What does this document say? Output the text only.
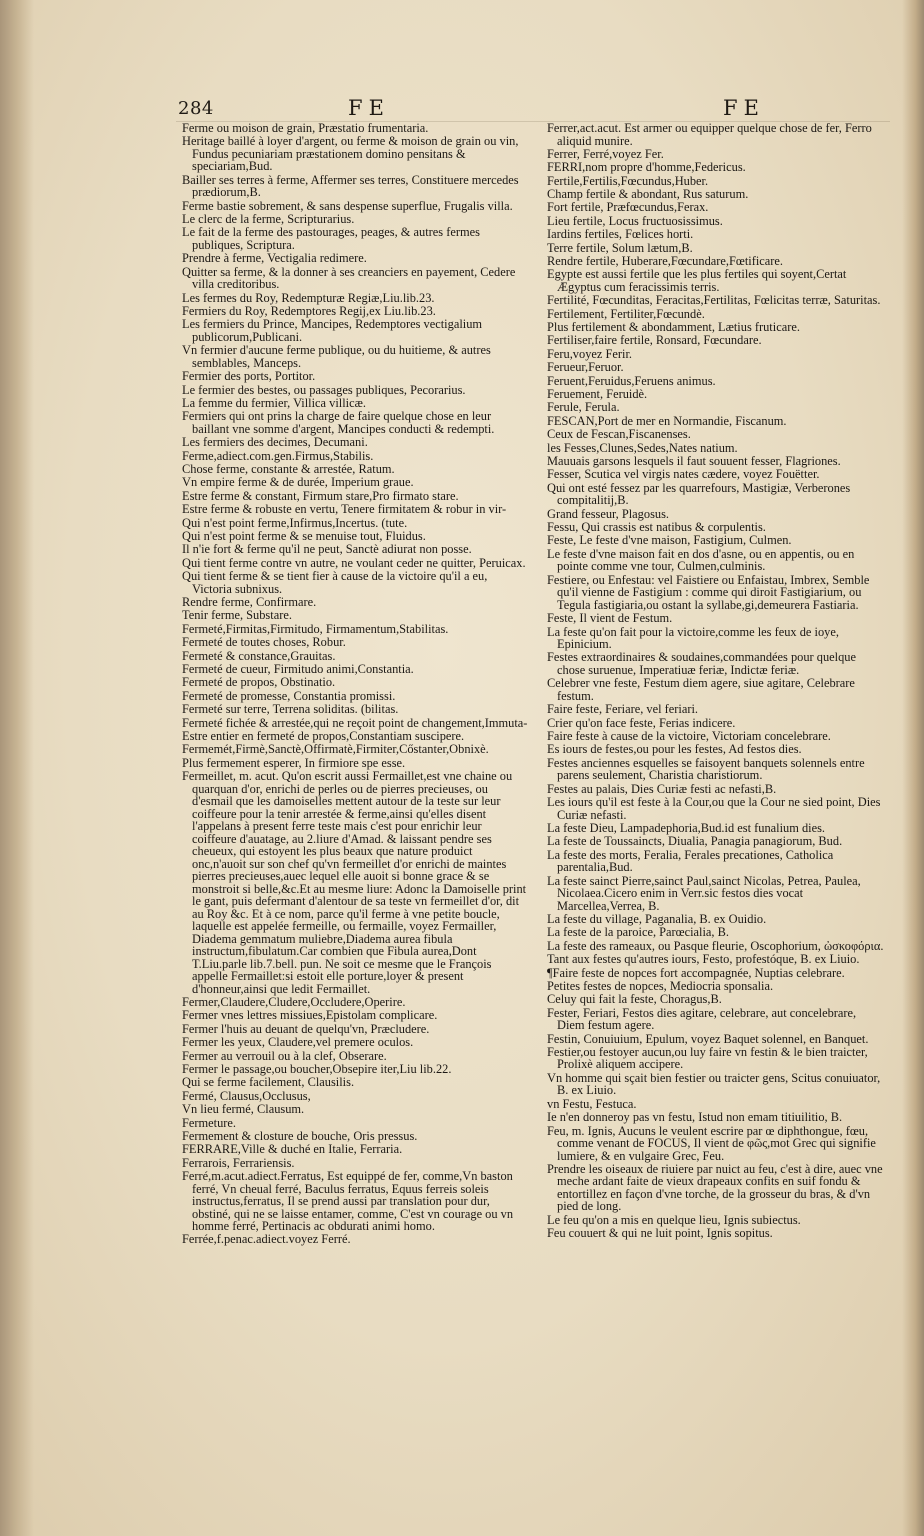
284	FE	FE
Ferme ou moison de grain, Præstatio frumentaria.
Heritage baillé à loyer d'argent, ou ferme & moison de grain ou vin, Fundus pecuniariam præstationem domino pensitans & speciariam,Bud.
Bailler ses terres à ferme, Affermer ses terres, Constituere mercedes prædiorum,B.
Ferme bastie sobrement, & sans despense superflue, Frugalis villa.
Le clerc de la ferme, Scripturarius.
Le fait de la ferme des pastourages, peages, & autres fermes publiques, Scriptura.
Prendre à ferme, Vectigalia redimere.
Quitter sa ferme, & la donner à ses creanciers en payement, Cedere villa creditoribus.
Les fermes du Roy, Redempturæ Regiæ,Liu.lib.23.
Fermiers du Roy, Redemptores Regij,ex Liu.lib.23.
Les fermiers du Prince, Mancipes, Redemptores vectigalium publicorum,Publicani.
Vn fermier d'aucune ferme publique, ou du huitieme, & autres semblables, Manceps.
Fermier des ports, Portitor.
Le fermier des bestes, ou passages publiques, Pecorarius.
La femme du fermier, Villica villicæ.
Fermiers qui ont prins la charge de faire quelque chose en leur baillant vne somme d'argent, Mancipes conducti & redempti.
Les fermiers des decimes, Decumani.
Ferme,adiect.com.gen.Firmus,Stabilis.
Chose ferme, constante & arrestée, Ratum.
Vn empire ferme & de durée, Imperium graue.
Estre ferme & constant, Firmum stare,Pro firmato stare.
Estre ferme & robuste en vertu, Tenere firmitatem & robur in vir-
Qui n'est point ferme,Infirmus,Incertus. (tute.
Qui n'est point ferme & se menuise tout, Fluidus.
Il n'ie fort & ferme qu'il ne peut, Sanctè adiurat non posse.
Qui tient ferme contre vn autre, ne voulant ceder ne quitter, Peruicax.
Qui tient ferme & se tient fier à cause de la victoire qu'il a eu, Victoria subnixus.
Rendre ferme, Confirmare.
Tenir ferme, Substare.
Fermeté,Firmitas,Firmitudo, Firmamentum,Stabilitas.
Fermeté de toutes choses, Robur.
Fermeté & constance,Grauitas.
Fermeté de cueur, Firmitudo animi,Constantia.
Fermeté de propos, Obstinatio.
Fermeté de promesse, Constantia promissi.
Fermeté sur terre, Terrena soliditas. (bilitas.
Fermeté fichée & arrestée,qui ne reçoit point de changement,Immuta-
Estre entier en fermeté de propos,Constantiam suscipere.
Fermemét,Firmè,Sanctè,Offirmatè,Firmiter,Cőstanter,Obnixè.
Plus fermement esperer, In firmiore spe esse.
Fermeillet, m. acut. Qu'on escrit aussi Fermaillet,est vne chaine ou quarquan d'or, enrichi de perles ou de pierres precieuses, ou d'esmail que les damoiselles mettent autour de la teste sur leur coiffeure pour la tenir arrestée & ferme,ainsi qu'elles disent l'appelans à present ferre teste mais c'est pour enrichir leur coiffeure d'auatage, au 2.liure d'Amad. & laissant pendre ses cheueux, qui estoyent les plus beaux que nature produict onc,n'auoit sur son chef qu'vn fermeillet d'or enrichi de maintes pierres precieuses,auec lequel elle auoit si bonne grace & se monstroit si belle,&c.Et au mesme liure: Adonc la Damoiselle print le gant, puis defermant d'alentour de sa teste vn fermeillet d'or, dit au Roy &c. Et à ce nom, parce qu'il ferme à vne petite boucle, laquelle est appelée fermeille, ou fermaille, voyez Fermailler, Diadema gemmatum muliebre,Diadema aurea fibula instructum,fibulatum.Car combien que Fibula aurea,Dont T.Liu.parle lib.7.bell. pun. Ne soit ce mesme que le François appelle Fermaillet:si estoit elle porture,loyer & present d'honneur,ainsi que ledit Fermaillet.
Fermer,Claudere,Cludere,Occludere,Operire.
Fermer vnes lettres missiues,Epistolam complicare.
Fermer l'huis au deuant de quelqu'vn, Præcludere.
Fermer les yeux, Claudere,vel premere oculos.
Fermer au verrouil ou à la clef, Obserare.
Fermer le passage,ou boucher,Obsepire iter,Liu lib.22.
Qui se ferme facilement, Clausilis.
Fermé, Clausus,Occlusus,
Vn lieu fermé, Clausum.
Fermeture.
Fermement & closture de bouche, Oris pressus.
FERRARE,Ville & duché en Italie, Ferraria.
Ferrarois, Ferrariensis.
Ferré,m.acut.adiect.Ferratus, Est equippé de fer, comme,Vn baston ferré, Vn cheual ferré, Baculus ferratus, Equus ferreis soleis instructus,ferratus, Il se prend aussi par translation pour dur, obstiné, qui ne se laisse entamer, comme, C'est vn courage ou vn homme ferré, Pertinacis ac obdurati animi homo.
Ferrée,f.penac.adiect.voyez Ferré.
Ferrer,act.acut. Est armer ou equipper quelque chose de fer, Ferro aliquid munire.
Ferrer, Ferré,voyez Fer.
FERRI,nom propre d'homme,Federicus.
Fertile,Fertilis,Fœcundus,Huber.
Champ fertile & abondant, Rus saturum.
Fort fertile, Præfœcundus,Ferax.
Lieu fertile, Locus fructuosissimus.
Iardins fertiles, Fœlices horti.
Terre fertile, Solum lætum,B.
Rendre fertile, Huberare,Fœcundare,Fœtificare.
Egypte est aussi fertile que les plus fertiles qui soyent,Certat Ægyptus cum feracissimis terris.
Fertilité, Fœcunditas, Feracitas,Fertilitas, Fœlicitas terræ, Saturitas.
Fertilement, Fertiliter,Fœcundè.
Plus fertilement & abondamment, Lætius fruticare.
Fertiliser,faire fertile, Ronsard, Fœcundare.
Feru,voyez Ferir.
Ferueur,Feruor.
Feruent,Feruidus,Feruens animus.
Feruement, Feruidè.
Ferule, Ferula.
FESCAN,Port de mer en Normandie, Fiscanum.
Ceux de Fescan,Fiscanenses.
les Fesses,Clunes,Sedes,Nates natium.
Mauuais garsons lesquels il faut souuent fesser, Flagriones.
Fesser, Scutica vel virgis nates cædere, voyez Fouëtter.
Qui ont esté fessez par les quarrefours, Mastigiæ, Verberones compitalitij,B.
Grand fesseur, Plagosus.
Fessu, Qui crassis est natibus & corpulentis.
Feste, Le feste d'vne maison, Fastigium, Culmen.
Le feste d'vne maison fait en dos d'asne, ou en appentis, ou en pointe comme vne tour, Culmen,culminis.
Festiere, ou Enfestau: vel Faistiere ou Enfaistau, Imbrex, Semble qu'il vienne de Fastigium : comme qui diroit Fastigiarium, ou Tegula fastigiaria,ou ostant la syllabe,gi,demeurera Fastiaria.
Feste, Il vient de Festum.
La feste qu'on fait pour la victoire,comme les feux de ioye, Epinicium.
Festes extraordinaires & soudaines,commandées pour quelque chose suruenue, Imperatiuæ feriæ, Indictæ feriæ.
Celebrer vne feste, Festum diem agere, siue agitare, Celebrare festum.
Faire feste, Feriare, vel feriari.
Crier qu'on face feste, Ferias indicere.
Faire feste à cause de la victoire, Victoriam concelebrare.
Es iours de festes,ou pour les festes, Ad festos dies.
Festes anciennes esquelles se faisoyent banquets solennels entre parens seulement, Charistia charistiorum.
Festes au palais, Dies Curiæ festi ac nefasti,B.
Les iours qu'il est feste à la Cour,ou que la Cour ne sied point, Dies Curiæ nefasti.
La feste Dieu, Lampadephoria,Bud.id est funalium dies.
La feste de Toussaincts, Diualia, Panagia panagiorum, Bud.
La feste des morts, Feralia, Ferales precationes, Catholica parentalia,Bud.
La feste sainct Pierre,sainct Paul,sainct Nicolas, Petrea, Paulea, Nicolaea.Cicero enim in Verr.sic festos dies vocat Marcellea,Verrea, B.
La feste du village, Paganalia, B. ex Ouidio.
La feste de la paroice, Parœcialia, B.
La feste des rameaux, ou Pasque fleurie, Oscophorium, ὠσκοφόρια.
Tant aux festes qu'autres iours, Festo, profestóque, B. ex Liuio.
¶Faire feste de nopces fort accompagnée, Nuptias celebrare.
Petites festes de nopces, Mediocria sponsalia.
Celuy qui fait la feste, Choragus,B.
Fester, Feriari, Festos dies agitare, celebrare, aut concelebrare, Diem festum agere.
Festin, Conuiuium, Epulum, voyez Baquet solennel, en Banquet.
Festier,ou festoyer aucun,ou luy faire vn festin & le bien traicter, Prolixè aliquem accipere.
Vn homme qui sçait bien festier ou traicter gens, Scitus conuiuator, B. ex Liuio.
vn Festu, Festuca.
Ie n'en donneroy pas vn festu, Istud non emam titiuilitio, B.
Feu, m. Ignis, Aucuns le veulent escrire par œ diphthongue, fœu, comme venant de FOCUS, Il vient de φῶς,mot Grec qui signifie lumiere, & en vulgaire Grec, Feu.
Prendre les oiseaux de riuiere par nuict au feu, c'est à dire, auec vne meche ardant faite de vieux drapeaux confits en suif fondu & entortillez en façon d'vne torche, de la grosseur du bras, & d'vn pied de long.
Le feu qu'on a mis en quelque lieu, Ignis subiectus.
Feu couuert & qui ne luit point, Ignis sopitus.
